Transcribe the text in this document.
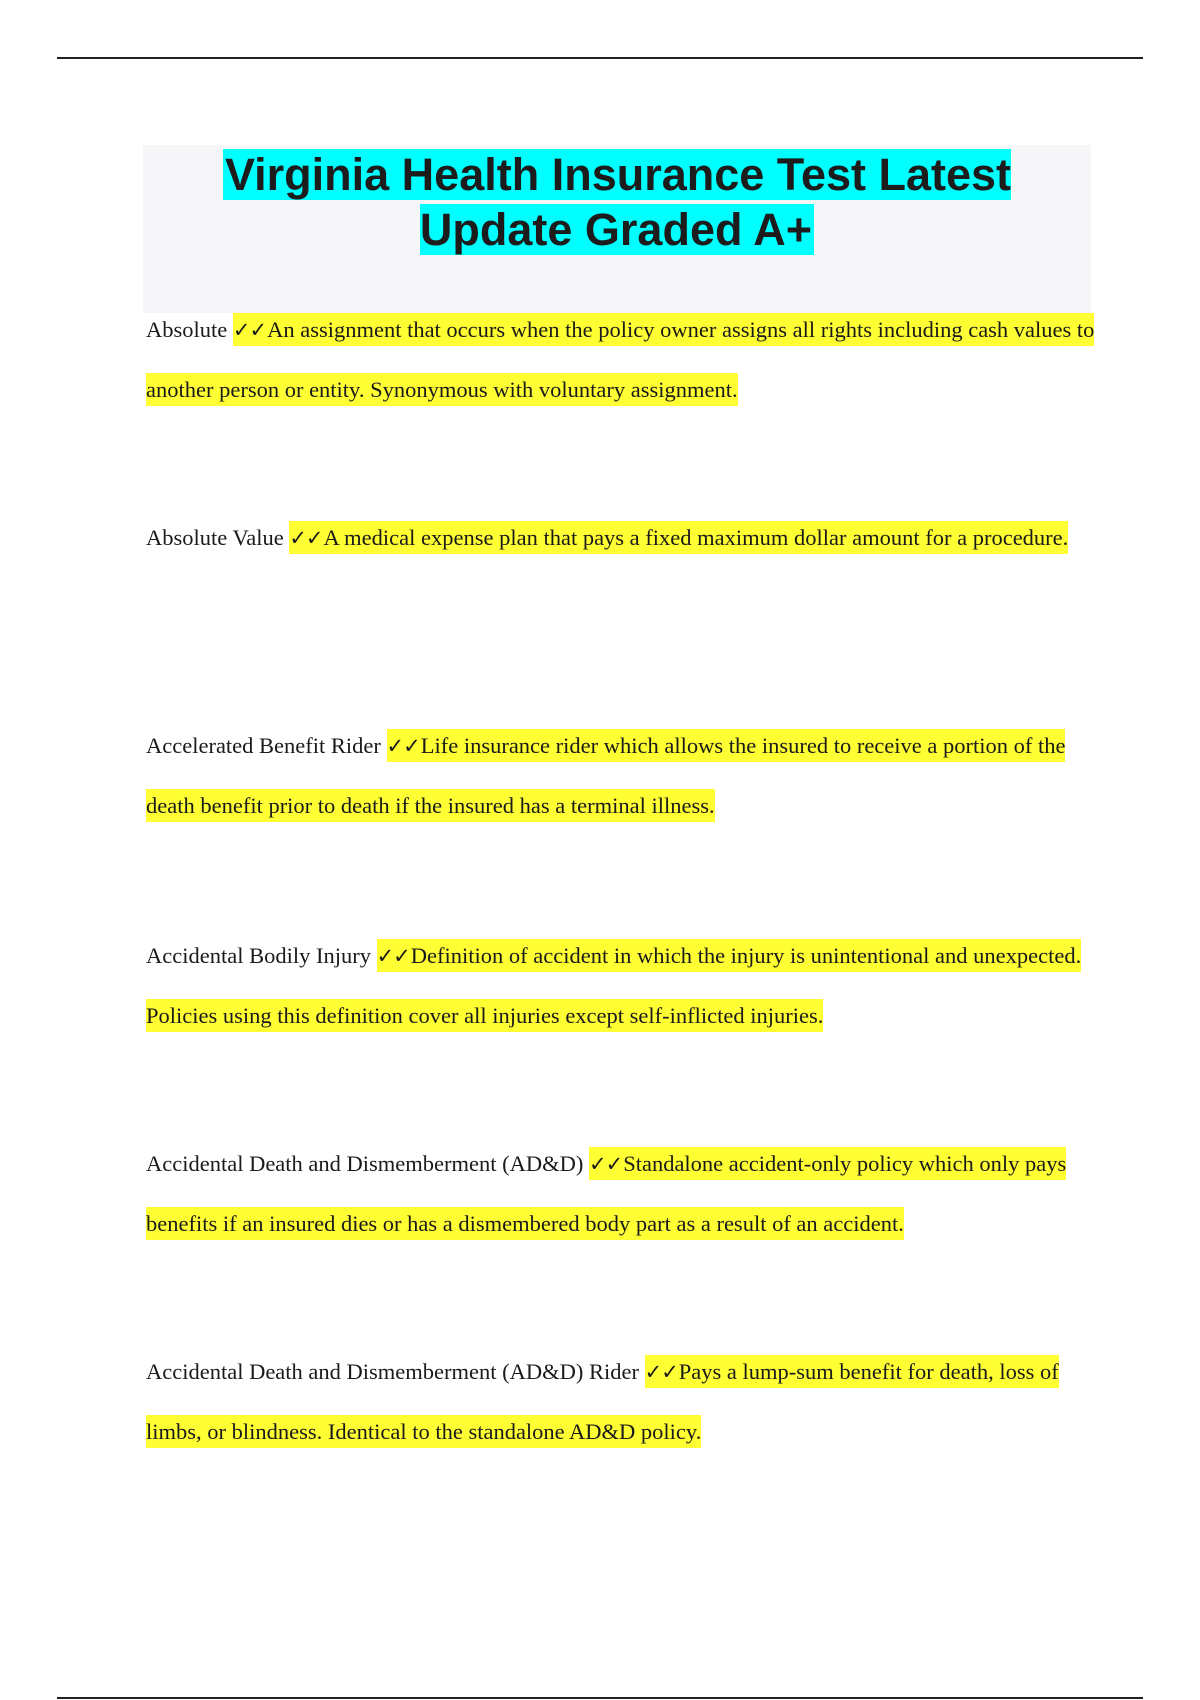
Virginia Health Insurance Test Latest Update Graded A+

Absolute ✓✓An assignment that occurs when the policy owner assigns all rights including cash values to another person or entity. Synonymous with voluntary assignment.

Absolute Value ✓✓A medical expense plan that pays a fixed maximum dollar amount for a procedure.

Accelerated Benefit Rider ✓✓Life insurance rider which allows the insured to receive a portion of the death benefit prior to death if the insured has a terminal illness.

Accidental Bodily Injury ✓✓Definition of accident in which the injury is unintentional and unexpected. Policies using this definition cover all injuries except self-inflicted injuries.

Accidental Death and Dismemberment (AD&D) ✓✓Standalone accident-only policy which only pays benefits if an insured dies or has a dismembered body part as a result of an accident.

Accidental Death and Dismemberment (AD&D) Rider ✓✓Pays a lump-sum benefit for death, loss of limbs, or blindness. Identical to the standalone AD&D policy.
